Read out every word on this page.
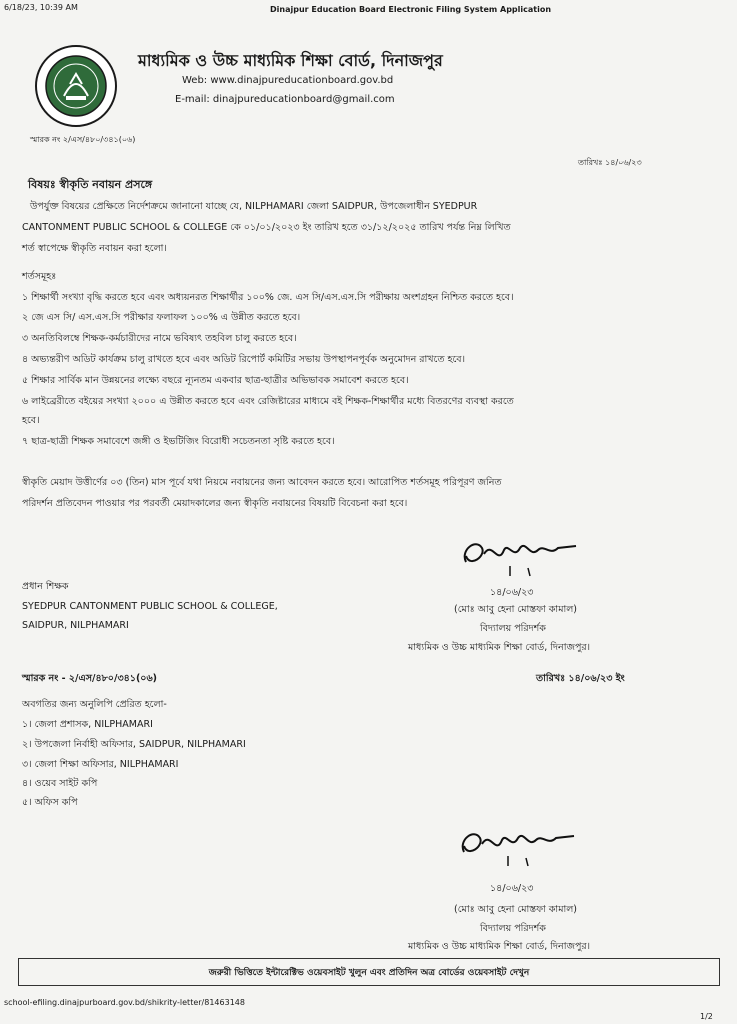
6/18/23, 10:39 AM	Dinajpur Education Board Electronic Filing System Application
মাধ্যমিক ও উচ্চ মাধ্যমিক শিক্ষা বোর্ড, দিনাজপুর
Web: www.dinajpureducationboard.gov.bd
E-mail: dinajpureducationboard@gmail.com
স্মারক নং ২/এস/৪৮০/৩৪১(০৬)
তারিখঃ ১৪/০৬/২৩
বিষয়ঃ স্বীকৃতি নবায়ন প্রসঙ্গে
উপর্যুক্ত বিষয়ের প্রেক্ষিতে নির্দেশক্রমে জানানো যাচ্ছে যে, NILPHAMARI জেলা SAIDPUR, উপজেলাধীন SYEDPUR
CANTONMENT PUBLIC SCHOOL & COLLEGE কে ০১/০১/২০২৩ ইং তারিখ হতে ৩১/১২/২০২৫ তারিখ পর্যন্ত নিম্ন লিখিত
শর্ত স্বাপেক্ষে স্বীকৃতি নবায়ন করা হলো।
শর্তসমূহঃ
১ শিক্ষার্থী সংখ্যা বৃদ্ধি করতে হবে এবং অধ্যয়নরত শিক্ষার্থীর ১০০% জে. এস সি/এস.এস.সি পরীক্ষায় অংশগ্রহন নিশ্চিত করতে হবে।
২ জে এস সি/ এস.এস.সি পরীক্ষার ফলাফল ১০০% এ উন্নীত করতে হবে।
৩ অনতিবিলম্বে শিক্ষক-কর্মচারীদের নামে ভবিষ্যৎ তহবিল চালু করতে হবে।
৪ অভ্যন্তরীণ অডিট কার্যক্রম চালু রাখতে হবে এবং অডিট রিপোর্ট কমিটির সভায় উপস্থাপনপূর্বক অনুমোদন রাখতে হবে।
৫ শিক্ষার সার্বিক মান উন্নয়নের লক্ষ্যে বছরে ন্যূনতম একবার ছাত্র-ছাত্রীর অভিভাবক সমাবেশ করতে হবে।
৬ লাইব্রেরীতে বইয়ের সংখ্যা ২০০০ এ উন্নীত করতে হবে এবং রেজিষ্টারের মাধ্যমে বই শিক্ষক-শিক্ষার্থীর মধ্যে বিতরণের ব্যবস্থা করতে
হবে।
৭ ছাত্র-ছাত্রী শিক্ষক সমাবেশে জঙ্গী ও ইভটিজিং বিরোধী সচেতনতা সৃষ্টি করতে হবে।
স্বীকৃতি মেয়াদ উত্তীর্ণের ০৩ (তিন) মাস পূর্বে যথা নিয়মে নবায়নের জন্য আবেদন করতে হবে। আরোপিত শর্তসমূহ পরিপূরণ জনিত
পরিদর্শন প্রতিবেদন পাওয়ার পর পরবর্তী মেয়াদকালের জন্য স্বীকৃতি নবায়নের বিষয়টি বিবেচনা করা হবে।
১৪/০৬/২৩
প্রধান শিক্ষক
SYEDPUR CANTONMENT PUBLIC SCHOOL & COLLEGE,
SAIDPUR, NILPHAMARI
(মোঃ আবু হেনা মোস্তফা কামাল)
বিদ্যালয় পরিদর্শক
মাধ্যমিক ও উচ্চ মাধ্যমিক শিক্ষা বোর্ড, দিনাজপুর।
স্মারক নং - ২/এস/৪৮০/৩৪১(০৬)	তারিখঃ ১৪/০৬/২৩ ইং
অবগতির জন্য অনুলিপি প্রেরিত হলো-
১। জেলা প্রশাসক, NILPHAMARI
২। উপজেলা নির্বাহী অফিসার, SAIDPUR, NILPHAMARI
৩। জেলা শিক্ষা অফিসার, NILPHAMARI
৪। ওয়েব সাইট কপি
৫। অফিস কপি
১৪/০৬/২৩
(মোঃ আবু হেনা মোস্তফা কামাল)
বিদ্যালয় পরিদর্শক
মাধ্যমিক ও উচ্চ মাধ্যমিক শিক্ষা বোর্ড, দিনাজপুর।
জরুরী ভিত্তিতে ইন্টারেক্টিভ ওয়েবসাইট খুলুন এবং প্রতিদিন অত্র বোর্ডের ওয়েবসাইট দেখুন
school-efiling.dinajpurboard.gov.bd/shikrity-letter/81463148
1/2
